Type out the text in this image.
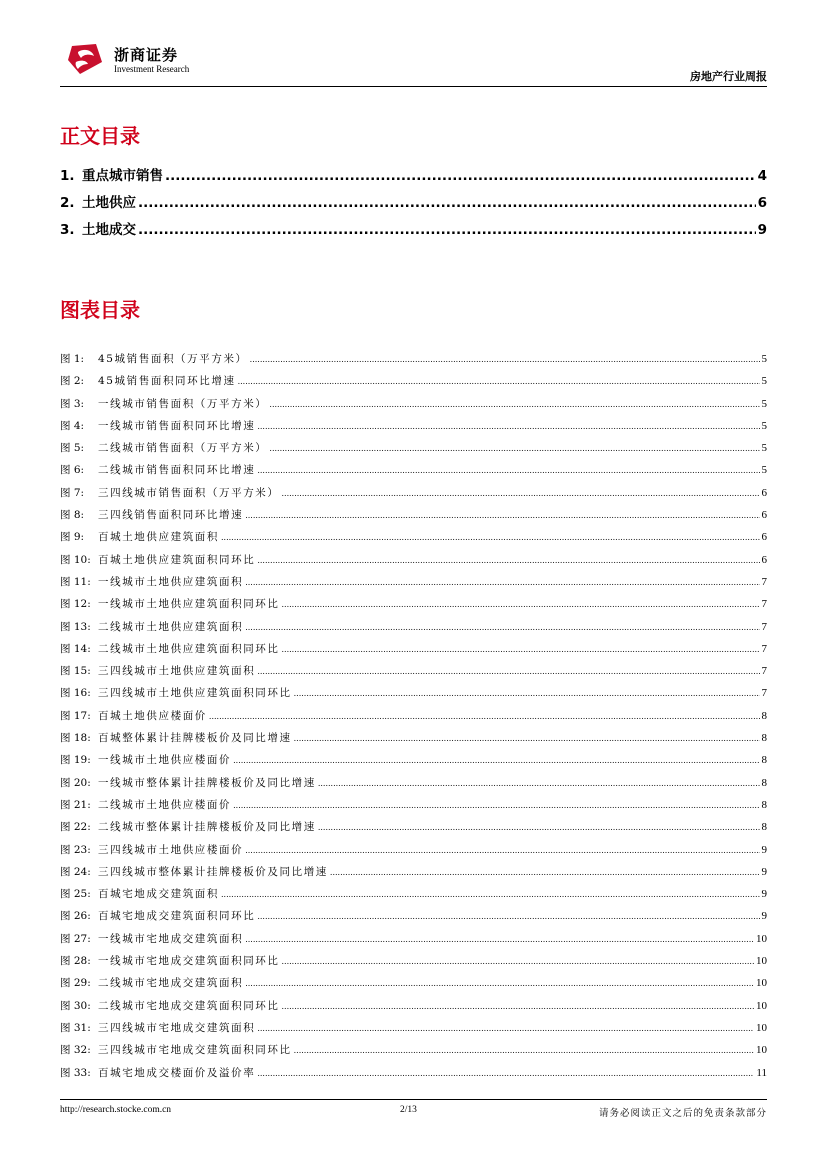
浙商证券
Investment Research
房地产行业周报
正文目录
1. 重点城市销售 .....	4
2. 土地供应 .....	6
3. 土地成交 .....	9
图表目录
图 1:	45城销售面积（万平方米） .....	5
图 2:	45城销售面积同环比增速 .....	5
图 3:	一线城市销售面积（万平方米） .....	5
图 4:	一线城市销售面积同环比增速 .....	5
图 5:	二线城市销售面积（万平方米） .....	5
图 6:	二线城市销售面积同环比增速 .....	5
图 7:	三四线城市销售面积（万平方米） .....	6
图 8:	三四线销售面积同环比增速 .....	6
图 9:	百城土地供应建筑面积 .....	6
图 10: 百城土地供应建筑面积同环比 .....	6
图 11: 一线城市土地供应建筑面积 .....	7
图 12: 一线城市土地供应建筑面积同环比 .....	7
图 13: 二线城市土地供应建筑面积 .....	7
图 14: 二线城市土地供应建筑面积同环比 .....	7
图 15: 三四线城市土地供应建筑面积 .....	7
图 16: 三四线城市土地供应建筑面积同环比 .....	7
图 17: 百城土地供应楼面价 .....	8
图 18: 百城整体累计挂牌楼板价及同比增速 .....	8
图 19: 一线城市土地供应楼面价 .....	8
图 20: 一线城市整体累计挂牌楼板价及同比增速 .....	8
图 21: 二线城市土地供应楼面价 .....	8
图 22: 二线城市整体累计挂牌楼板价及同比增速 .....	8
图 23: 三四线城市土地供应楼面价 .....	9
图 24: 三四线城市整体累计挂牌楼板价及同比增速 .....	9
图 25: 百城宅地成交建筑面积 .....	9
图 26: 百城宅地成交建筑面积同环比 .....	9
图 27: 一线城市宅地成交建筑面积 .....	10
图 28: 一线城市宅地成交建筑面积同环比 .....	10
图 29: 二线城市宅地成交建筑面积 .....	10
图 30: 二线城市宅地成交建筑面积同环比 .....	10
图 31: 三四线城市宅地成交建筑面积 .....	10
图 32: 三四线城市宅地成交建筑面积同环比 .....	10
图 33: 百城宅地成交楼面价及溢价率 .....	11
http://research.stocke.com.cn	2/13	请务必阅读正文之后的免责条款部分
